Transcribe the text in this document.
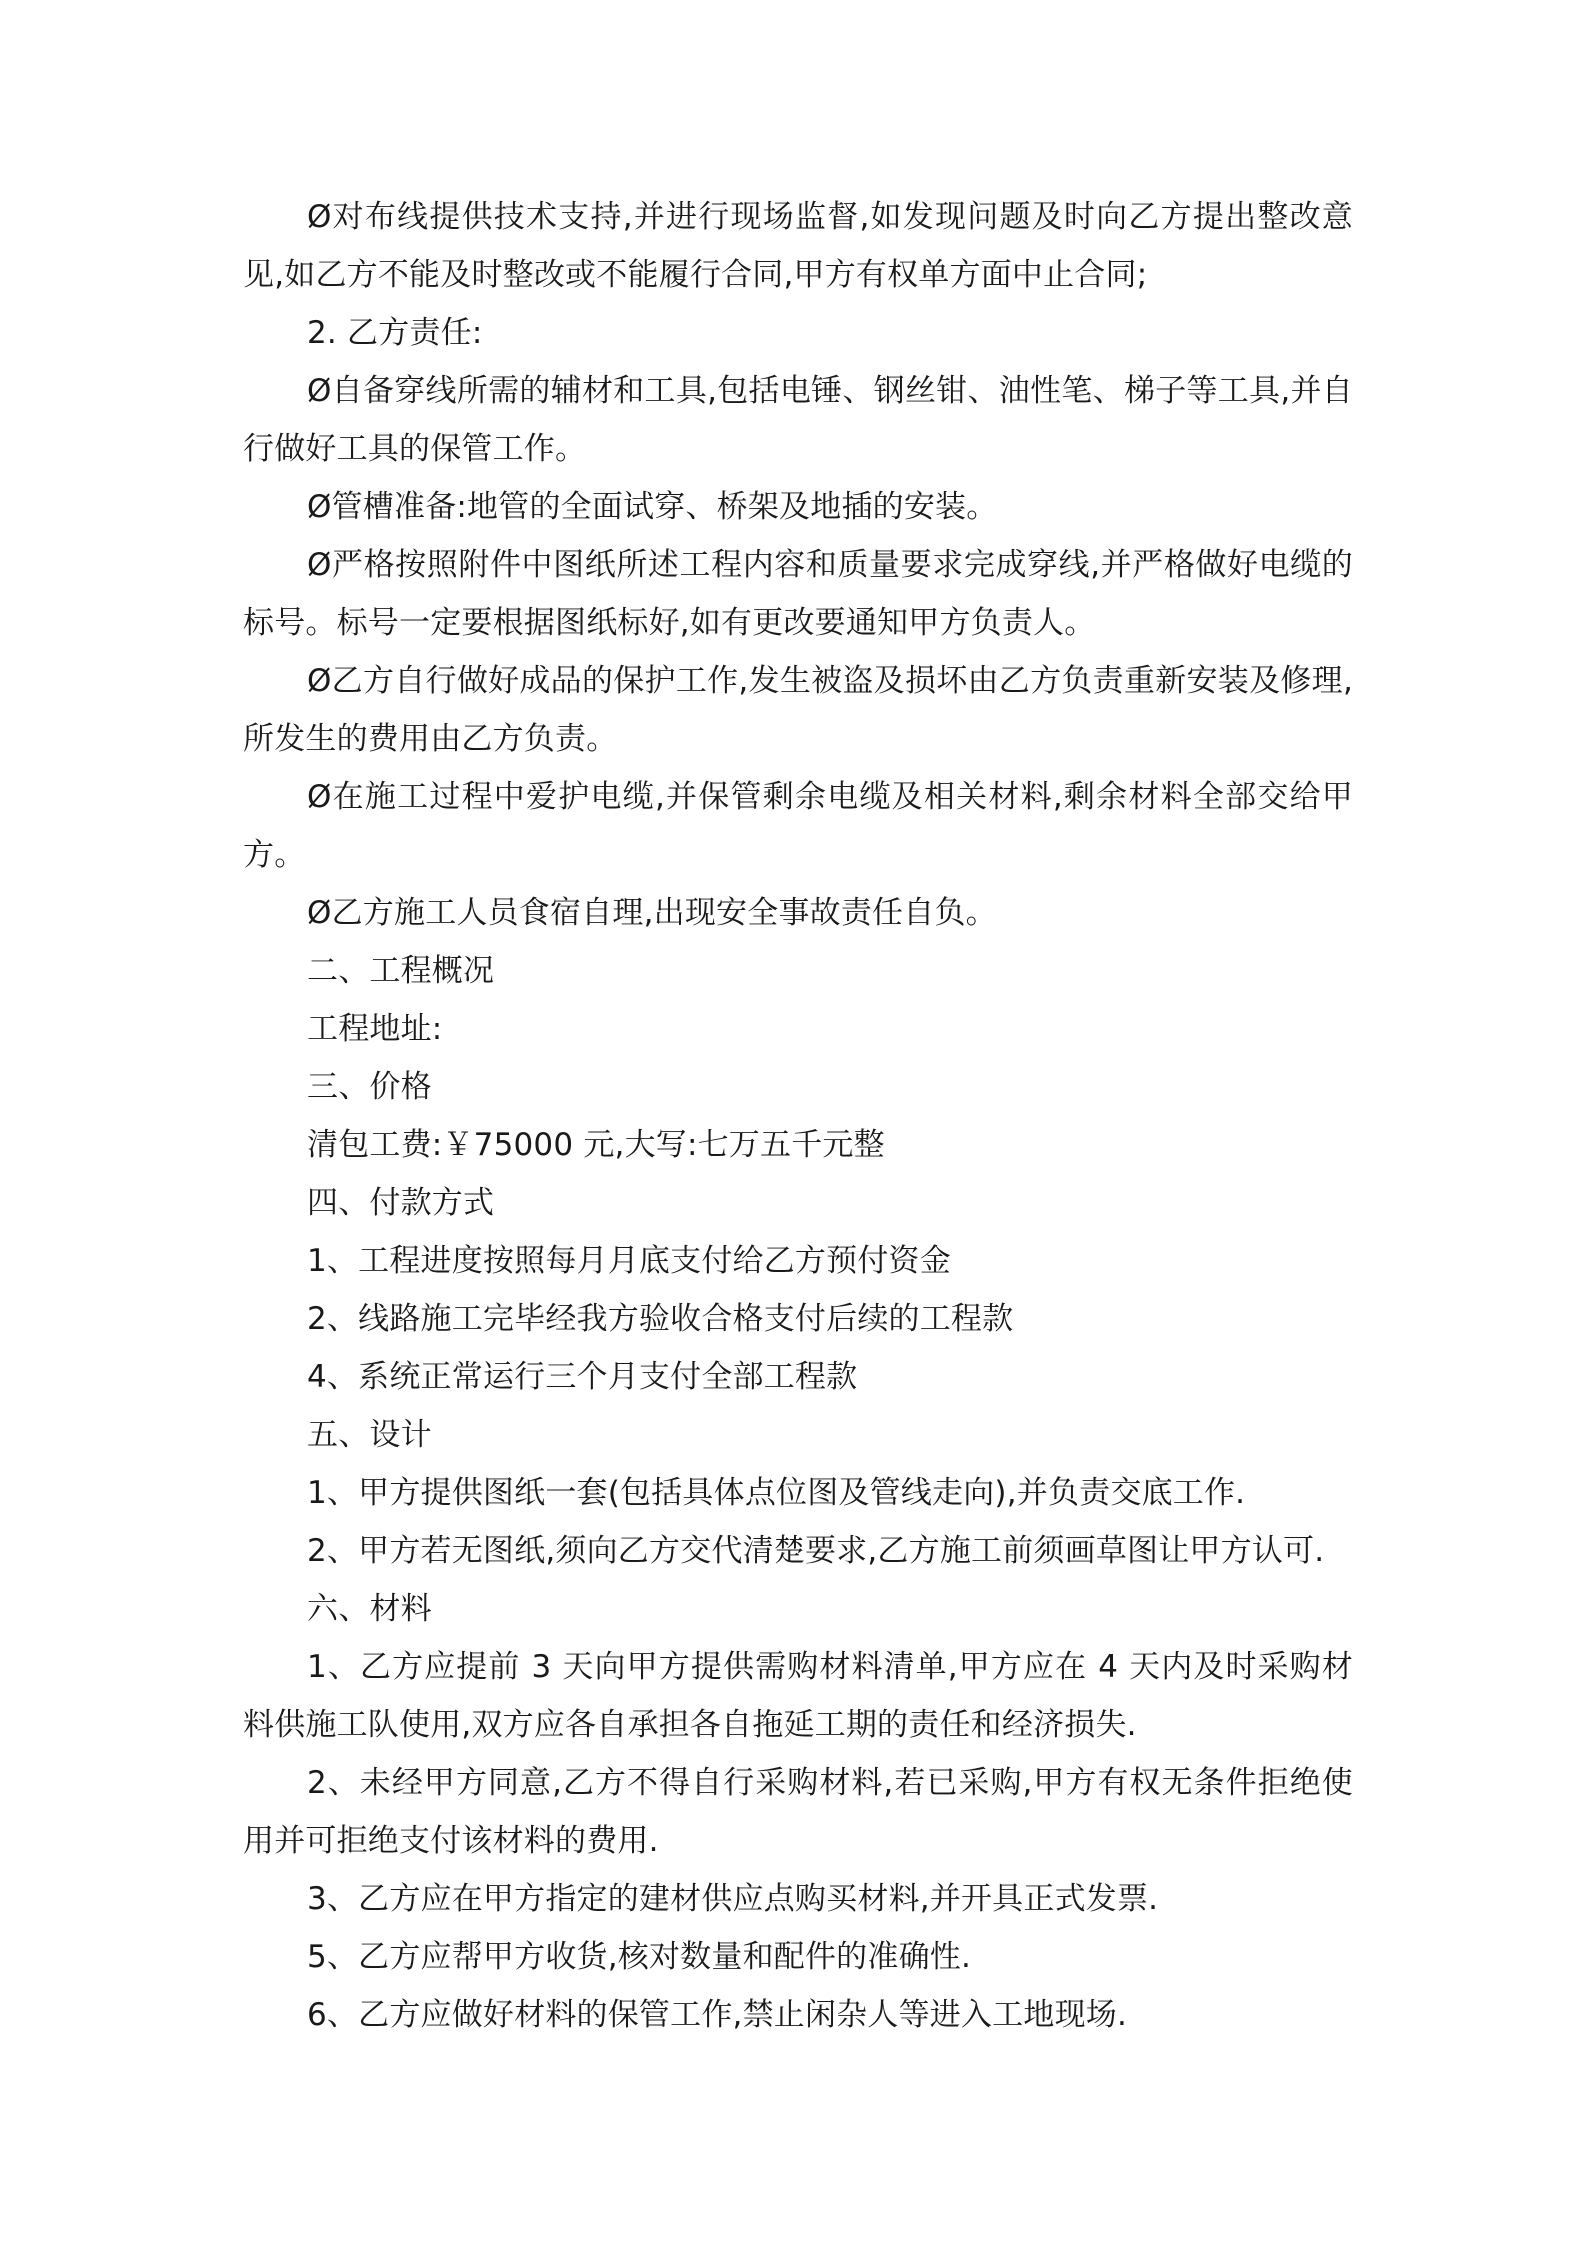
Ø对布线提供技术支持,并进行现场监督,如发现问题及时向乙方提出整改意见,如乙方不能及时整改或不能履行合同,甲方有权单方面中止合同;

2. 乙方责任:

Ø自备穿线所需的辅材和工具,包括电锤、钢丝钳、油性笔、梯子等工具,并自行做好工具的保管工作。

Ø管槽准备:地管的全面试穿、桥架及地插的安装。

Ø严格按照附件中图纸所述工程内容和质量要求完成穿线,并严格做好电缆的标号。标号一定要根据图纸标好,如有更改要通知甲方负责人。

Ø乙方自行做好成品的保护工作,发生被盗及损坏由乙方负责重新安装及修理,所发生的费用由乙方负责。

Ø在施工过程中爱护电缆,并保管剩余电缆及相关材料,剩余材料全部交给甲方。

Ø乙方施工人员食宿自理,出现安全事故责任自负。

二、工程概况

工程地址:

三、价格

清包工费:￥75000 元,大写:七万五千元整

四、付款方式

1、工程进度按照每月月底支付给乙方预付资金

2、线路施工完毕经我方验收合格支付后续的工程款

4、系统正常运行三个月支付全部工程款

五、设计

1、甲方提供图纸一套(包括具体点位图及管线走向),并负责交底工作.

2、甲方若无图纸,须向乙方交代清楚要求,乙方施工前须画草图让甲方认可.

六、材料

1、乙方应提前 3 天向甲方提供需购材料清单,甲方应在 4 天内及时采购材料供施工队使用,双方应各自承担各自拖延工期的责任和经济损失.

2、未经甲方同意,乙方不得自行采购材料,若已采购,甲方有权无条件拒绝使用并可拒绝支付该材料的费用.

3、乙方应在甲方指定的建材供应点购买材料,并开具正式发票.

5、乙方应帮甲方收货,核对数量和配件的准确性.

6、乙方应做好材料的保管工作,禁止闲杂人等进入工地现场.
